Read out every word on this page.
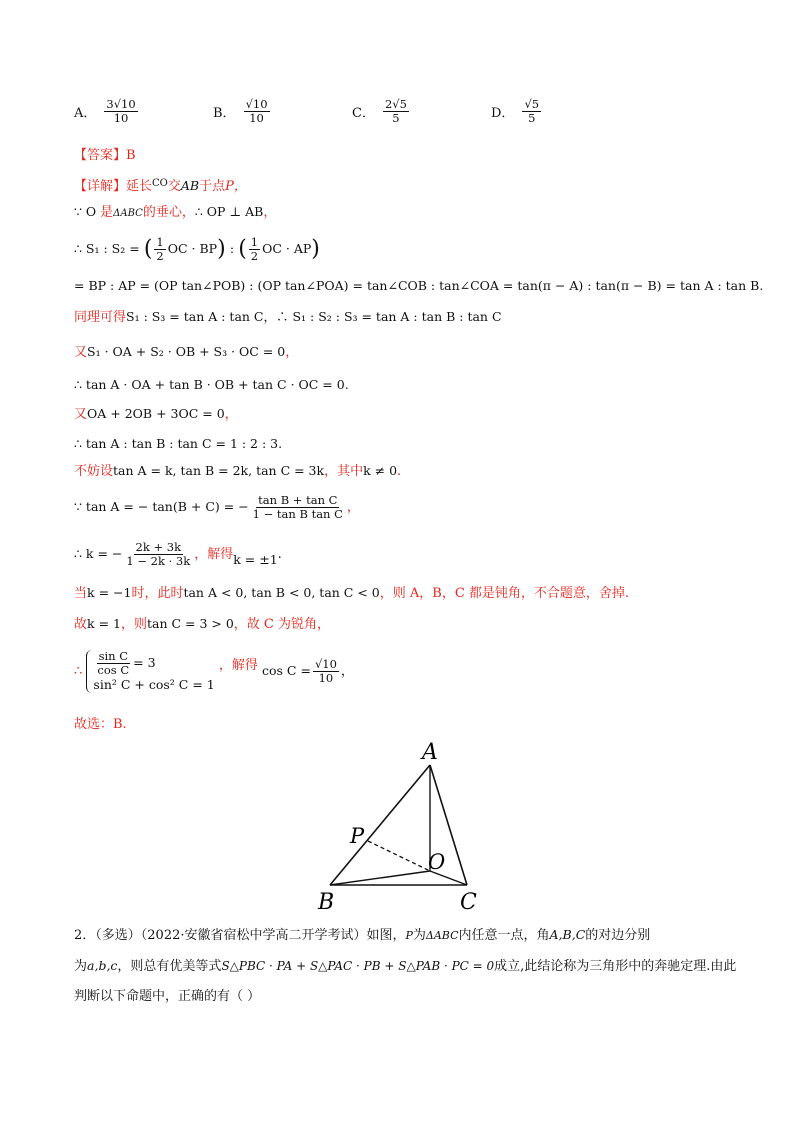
A． $\frac{3√10}{10}$	B． $\frac{√10}{10}$	C． $\frac{2√5}{5}$	D． $\frac{√5}{5}$
【答案】B
【详解】延长$^{CO}$交AB于点P，
∵ O 是ΔABC的垂心，∴ OP ⊥ AB，
∴ S₁ : S₂ = ( $\frac{1}{2}$ OC · BP) : ( $\frac{1}{2}$ OC · AP)
= BP : AP = (OP tan∠POB) : (OP tan∠POA) = tan∠COB : tan∠COA = tan(π − A) : tan(π − B) = tan A : tan B.
同理可得S₁ : S₃ = tan A : tan C，∴ S₁ : S₂ : S₃ = tan A : tan B : tan C
又S₁ · OA + S₂ · OB + S₃ · OC = 0，
∴ tan A · OA + tan B · OB + tan C · OC = 0.
又OA + 2OB + 3OC = 0，
∴ tan A : tan B : tan C = 1 : 2 : 3.
不妨设tan A = k, tan B = 2k, tan C = 3k，其中k ≠ 0.
∵ tan A = − tan(B + C) = − $\frac{\text{tan B + tan C}}{\text{1 − tan B tan C}}$ ，
∴ k = − $\frac{2k + 3k}{1 - 2k \cdot 3k}$ ，解得k = ±1.
当k = −1时，此时tan A < 0, tan B < 0, tan C < 0，则 A，B，C 都是钝角，不合题意，舍掉.
故k = 1，则tan C = 3 > 0，故 C 为锐角，
∴ $\frac{\text{sin C}}{\text{cos C}} = 3$
sin² C + cos² C = 1 ，解得 $\cos C = \frac{√10}{10}$ ，
故选：B.
A
P
O
B	C
2．（多选）（2022·安徽省宿松中学高二开学考试）如图，P为ΔABC内任意一点，角A,B,C的对边分别
为a,b,c，则总有优美等式S△PBC · PA + S△PAC · PB + S△PAB · PC = 0成立,此结论称为三角形中的奔驰定理.由此
判断以下命题中，正确的有（ ）
